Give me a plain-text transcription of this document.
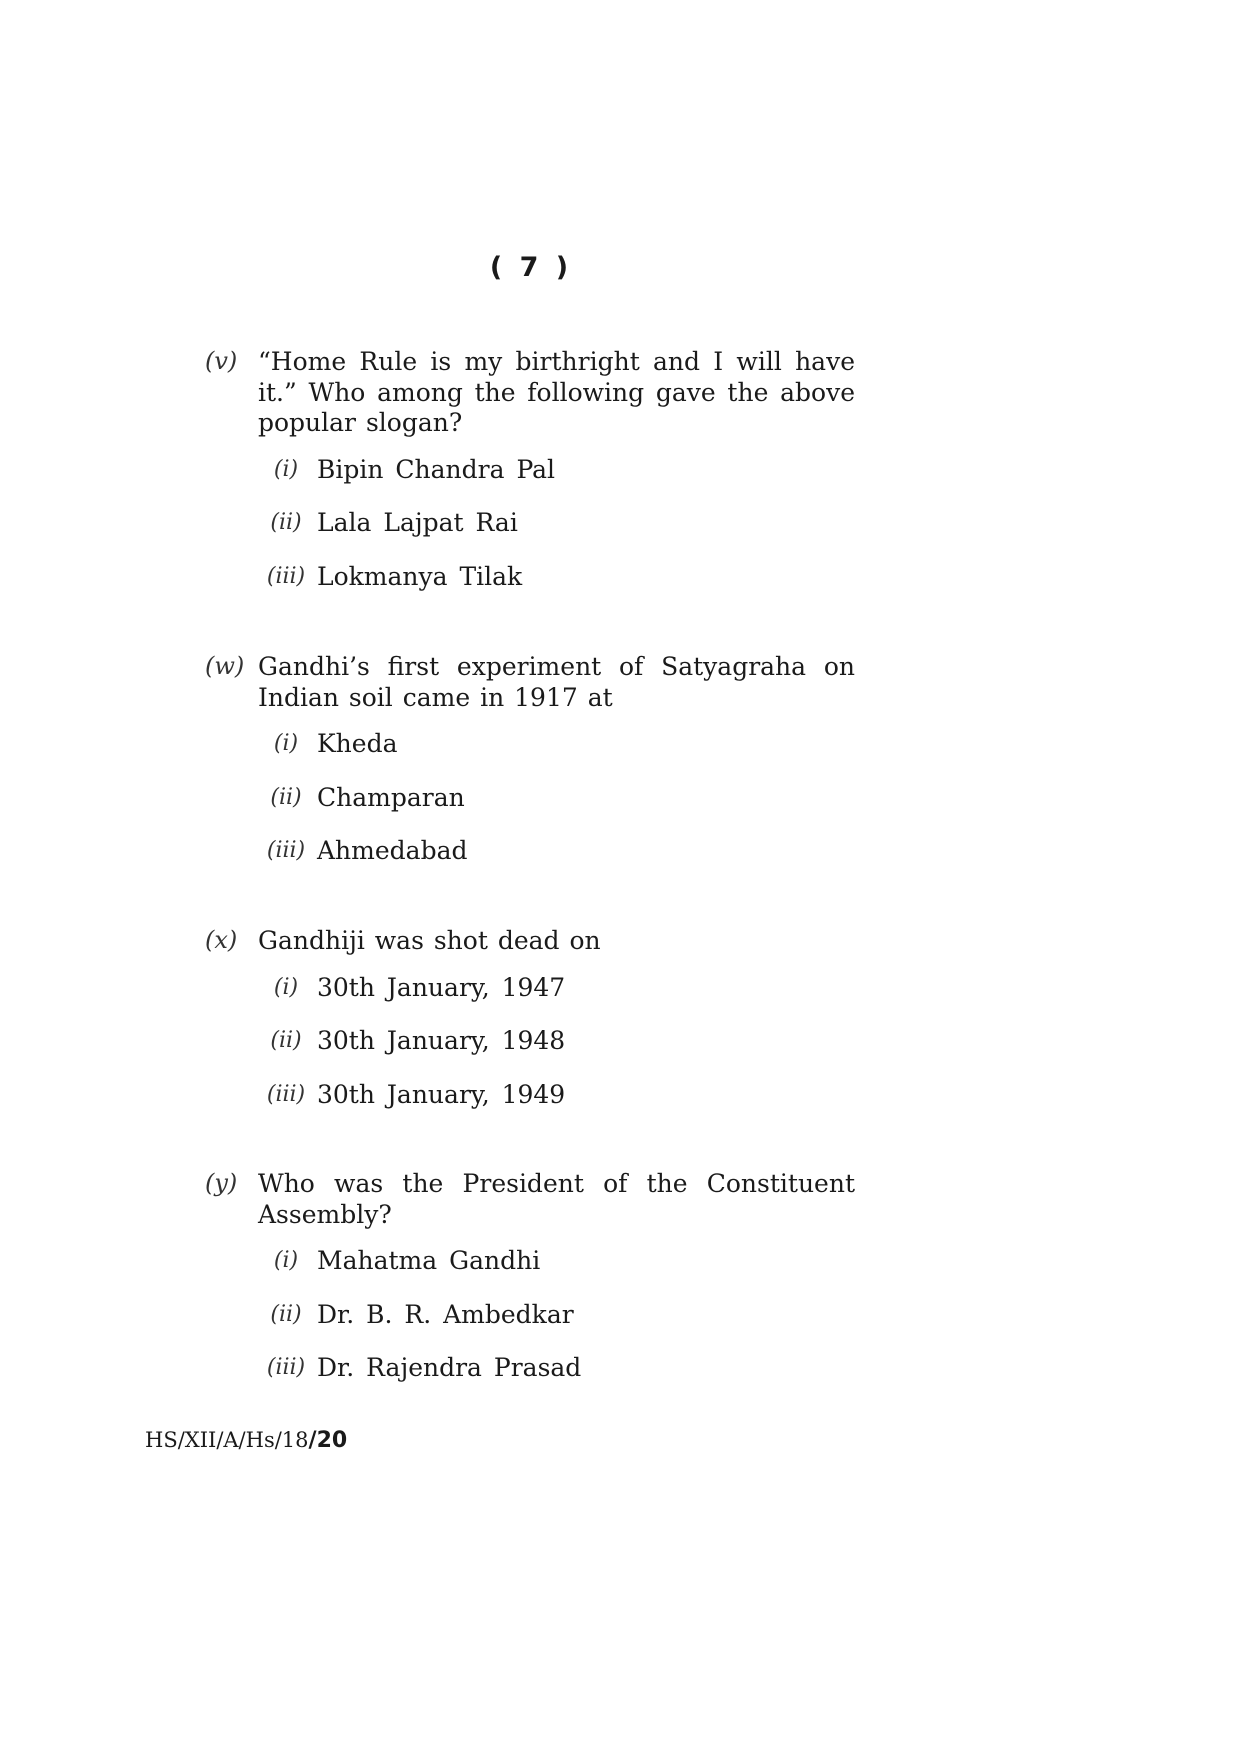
( 7 )
(v) “Home Rule is my birthright and I will have it.” Who among the following gave the above popular slogan?
(i) Bipin Chandra Pal
(ii) Lala Lajpat Rai
(iii) Lokmanya Tilak
(w) Gandhi’s first experiment of Satyagraha on Indian soil came in 1917 at
(i) Kheda
(ii) Champaran
(iii) Ahmedabad
(x) Gandhiji was shot dead on
(i) 30th January, 1947
(ii) 30th January, 1948
(iii) 30th January, 1949
(y) Who was the President of the Constituent Assembly?
(i) Mahatma Gandhi
(ii) Dr. B. R. Ambedkar
(iii) Dr. Rajendra Prasad
HS/XII/A/Hs/18/20
